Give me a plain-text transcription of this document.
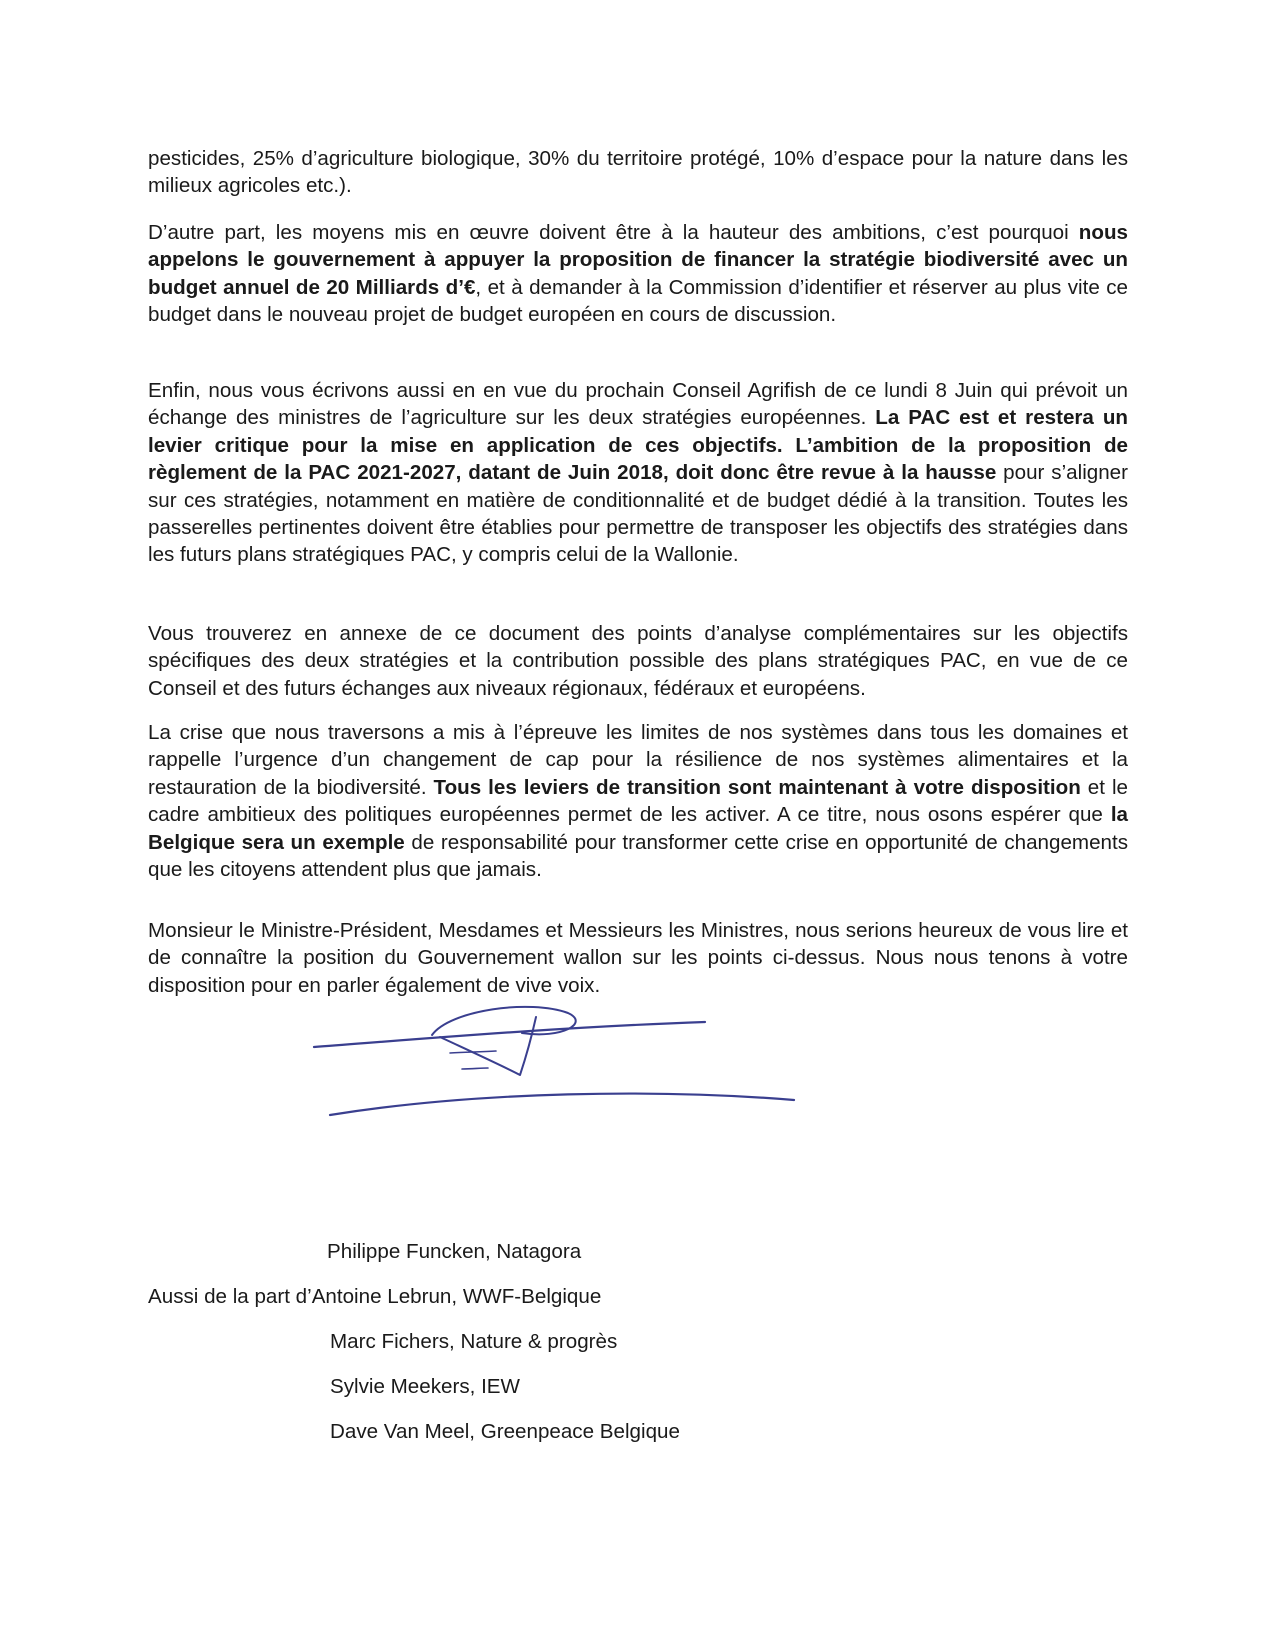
pesticides, 25% d’agriculture biologique, 30% du territoire protégé, 10% d’espace pour la nature dans les milieux agricoles etc.).

D’autre part, les moyens mis en œuvre doivent être à la hauteur des ambitions, c’est pourquoi nous appelons le gouvernement à appuyer la proposition de financer la stratégie biodiversité avec un budget annuel de 20 Milliards d’€, et à demander à la Commission d’identifier et réserver au plus vite ce budget dans le nouveau projet de budget européen en cours de discussion.

Enfin, nous vous écrivons aussi en en vue du prochain Conseil Agrifish de ce lundi 8 Juin qui prévoit un échange des ministres de l’agriculture sur les deux stratégies européennes. La PAC est et restera un levier critique pour la mise en application de ces objectifs. L’ambition de la proposition de règlement de la PAC 2021-2027, datant de Juin 2018, doit donc être revue à la hausse pour s’aligner sur ces stratégies, notamment en matière de conditionnalité et de budget dédié à la transition. Toutes les passerelles pertinentes doivent être établies pour permettre de transposer les objectifs des stratégies dans les futurs plans stratégiques PAC, y compris celui de la Wallonie.

Vous trouverez en annexe de ce document des points d’analyse complémentaires sur les objectifs spécifiques des deux stratégies et la contribution possible des plans stratégiques PAC, en vue de ce Conseil et des futurs échanges aux niveaux régionaux, fédéraux et européens.

La crise que nous traversons a mis à l’épreuve les limites de nos systèmes dans tous les domaines et rappelle l’urgence d’un changement de cap pour la résilience de nos systèmes alimentaires et la restauration de la biodiversité. Tous les leviers de transition sont maintenant à votre disposition et le cadre ambitieux des politiques européennes permet de les activer. A ce titre, nous osons espérer que la Belgique sera un exemple de responsabilité pour transformer cette crise en opportunité de changements que les citoyens attendent plus que jamais.

Monsieur le Ministre-Président, Mesdames et Messieurs les Ministres, nous serions heureux de vous lire et de connaître la position du Gouvernement wallon sur les points ci-dessus. Nous nous tenons à votre disposition pour en parler également de vive voix.

Philippe Funcken, Natagora
Aussi de la part d’Antoine Lebrun, WWF-Belgique
Marc Fichers, Nature & progrès
Sylvie Meekers, IEW
Dave Van Meel, Greenpeace Belgique
